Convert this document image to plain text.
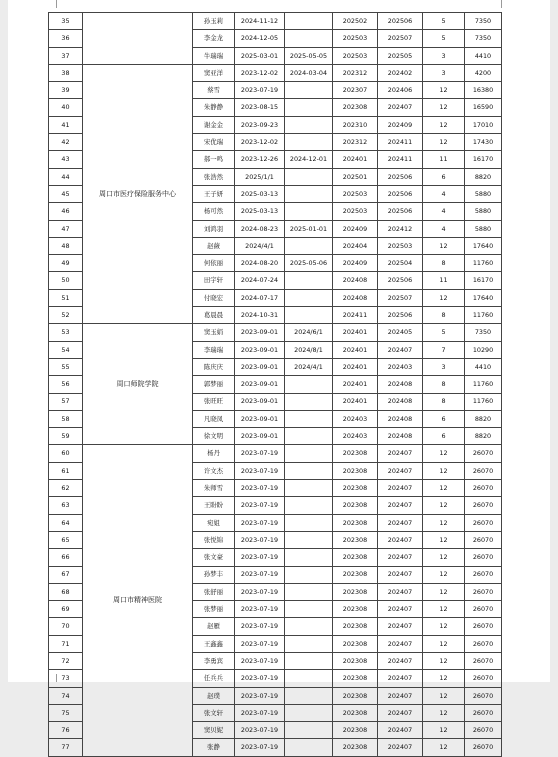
35		孙玉莉	2024-11-12		202502	202506	5	7350
36		李金龙	2024-12-05		202503	202507	5	7350
37		牛瑞瑞	2025-03-01	2025-05-05	202503	202505	3	4410
38	周口市医疗保险服务中心	窦亚洋	2023-12-02	2024-03-04	202312	202402	3	4200
39		蔡雪	2023-07-19		202307	202406	12	16380
40		朱静静	2023-08-15		202308	202407	12	16590
41		谢金金	2023-09-23		202310	202409	12	17010
42		宋优瑞	2023-12-02		202312	202411	12	17430
43		郝一鸣	2023-12-26	2024-12-01	202401	202411	11	16170
44		张浩然	2025/1/1		202501	202506	6	8820
45		王子妍	2025-03-13		202503	202506	4	5880
46		杨可然	2025-03-13		202503	202506	4	5880
47		刘鸿羽	2024-08-23	2025-01-01	202409	202412	4	5880
48		赵薇	2024/4/1		202404	202503	12	17640
49		何依丽	2024-08-20	2025-05-06	202409	202504	8	11760
50		田宇轩	2024-07-24		202408	202506	11	16170
51		付晓宏	2024-07-17		202408	202507	12	17640
52		葛晨晨	2024-10-31		202411	202506	8	11760
53	周口师院学院	窦玉娟	2023-09-01	2024/6/1	202401	202405	5	7350
54		李瑞瑞	2023-09-01	2024/8/1	202401	202407	7	10290
55		陈庆庆	2023-09-01	2024/4/1	202401	202403	3	4410
56		郭梦丽	2023-09-01		202401	202408	8	11760
57		张旺旺	2023-09-01		202401	202408	8	11760
58		凡晓凤	2023-09-01		202403	202408	6	8820
59		徐文明	2023-09-01		202403	202408	6	8820
60	周口市精神医院	杨丹	2023-07-19		202308	202407	12	26070
61		许文杰	2023-07-19		202308	202407	12	26070
62		朱师雪	2023-07-19		202308	202407	12	26070
63		王盼盼	2023-07-19		202308	202407	12	26070
64		宛姐	2023-07-19		202308	202407	12	26070
65		张悦锦	2023-07-19		202308	202407	12	26070
66		张文豪	2023-07-19		202308	202407	12	26070
67		孙梦丰	2023-07-19		202308	202407	12	26070
68		张舒丽	2023-07-19		202308	202407	12	26070
69		张梦丽	2023-07-19		202308	202407	12	26070
70		赵雁	2023-07-19		202308	202407	12	26070
71		王鑫鑫	2023-07-19		202308	202407	12	26070
72		李勇宾	2023-07-19		202308	202407	12	26070
73		任兵兵	2023-07-19		202308	202407	12	26070
74		赵璞	2023-07-19		202308	202407	12	26070
75		张文轩	2023-07-19		202308	202407	12	26070
76		窦贝妮	2023-07-19		202308	202407	12	26070
77		张静	2023-07-19		202308	202407	12	26070
